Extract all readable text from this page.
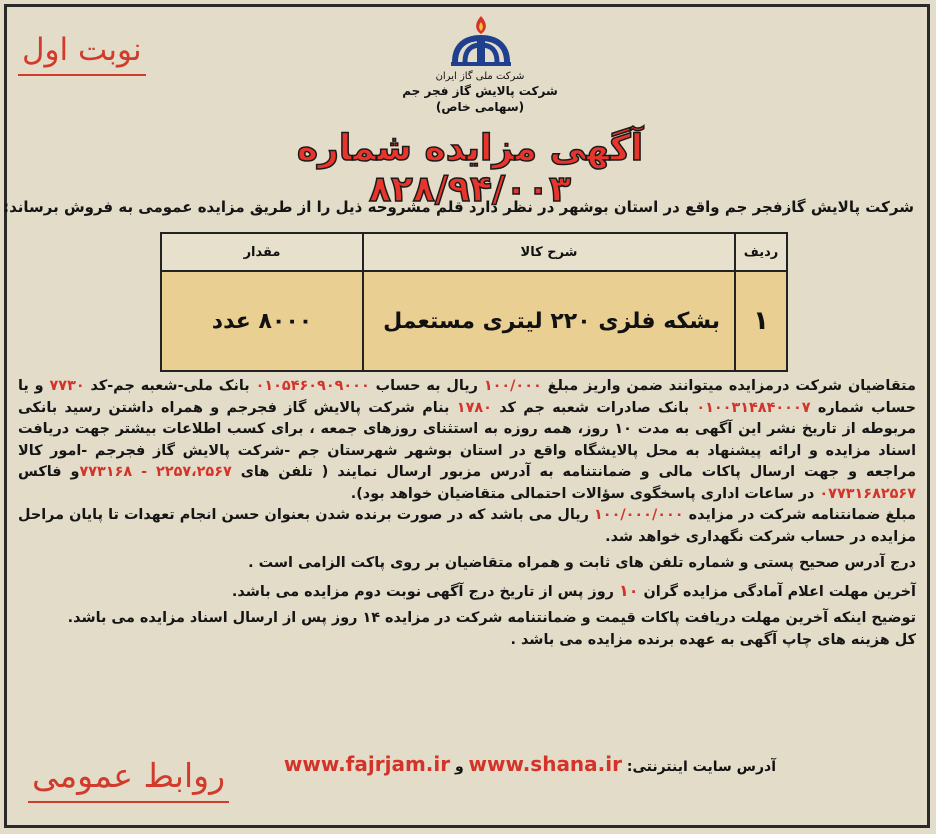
نوبت اول
شرکت ملی گاز ایران
شرکت پالایش گاز فجر جم
(سهامی خاص)
آگهی مزایده شماره ۸۲۸/۹۴/۰۰۳
شرکت پالایش گازفجر جم واقع در استان بوشهر در نظر دارد قلم مشروحه ذیل را از طریق مزایده عمومی به فروش برساند:
ردیف	شرح کالا	مقدار
۱	بشکه فلزی ۲۲۰ لیتری مستعمل	۸۰۰۰ عدد

متقاضیان شرکت درمزایده میتوانند ضمن واریز مبلغ ۱۰۰/۰۰۰ ریال به حساب ۰۱۰۵۴۶۰۹۰۹۰۰۰ بانک ملی-شعبه جم-کد ۷۷۳۰ و یا حساب شماره ۰۱۰۰۳۱۴۸۴۰۰۰۷ بانک صادرات شعبه جم کد ۱۷۸۰ بنام شرکت پالایش گاز فجرجم و همراه داشتن رسید بانکی مربوطه از تاریخ نشر این آگهی به مدت ۱۰ روز، همه روزه به استثنای روزهای جمعه ، برای کسب اطلاعات بیشتر جهت دریافت اسناد مزایده و ارائه پیشنهاد به محل پالایشگاه واقع در استان بوشهر شهرستان جم -شرکت پالایش گاز فجرجم -امور کالا مراجعه و جهت ارسال پاکات مالی و ضمانتنامه به آدرس مزبور ارسال نمایند ( تلفن های ۲۲۵۷،۲۵۶۷ - ۷۷۳۱۶۸و فاکس ۰۷۷۳۱۶۸۲۵۶۷ در ساعات اداری پاسخگوی سؤالات احتمالی متقاضیان خواهد بود).

مبلغ ضمانتنامه شرکت در مزایده ۱۰۰/۰۰۰/۰۰۰ ریال می باشد که در صورت برنده شدن بعنوان حسن انجام تعهدات تا پایان مراحل مزایده در حساب شرکت نگهداری خواهد شد.

درج آدرس صحیح پستی و شماره تلفن های ثابت و همراه متقاضیان بر روی پاکت الزامی است .

آخرین مهلت اعلام آمادگی مزایده گران ۱۰ روز پس از تاریخ درج آگهی نوبت دوم مزایده می باشد.

توضیح اینکه آخرین مهلت دریافت پاکات قیمت و ضمانتنامه شرکت در مزایده ۱۴ روز پس از ارسال اسناد مزایده می باشد.

کل هزینه های چاپ آگهی به عهده برنده مزایده می باشد .

آدرس سایت اینترنتی: www.shana.ir و www.fajrjam.ir
روابط عمومی
